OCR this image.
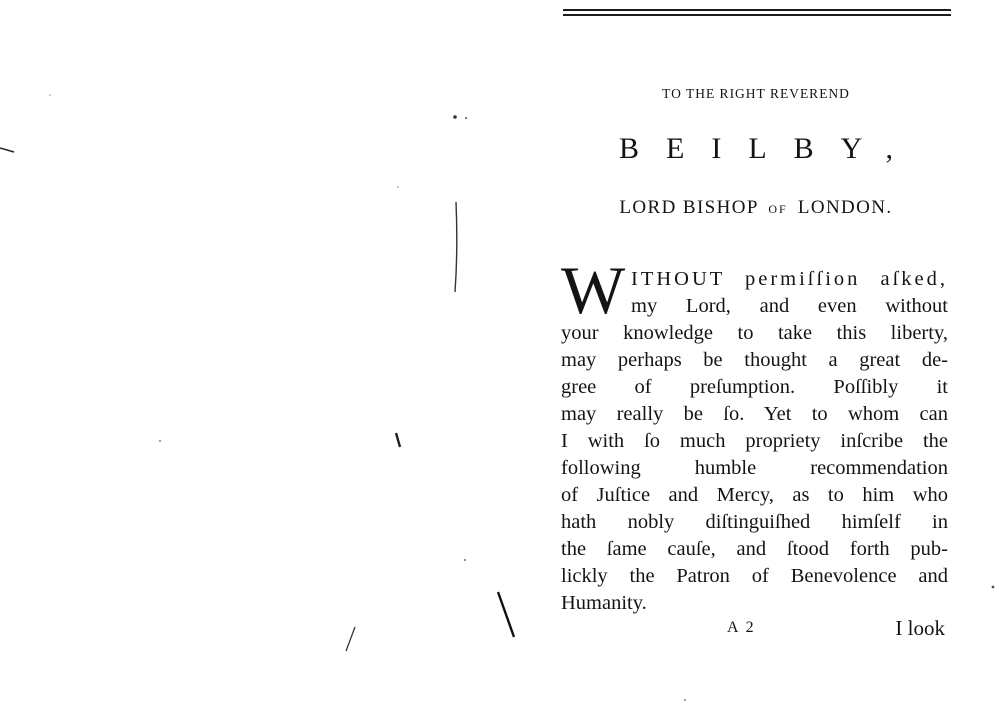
TO THE RIGHT REVEREND
BEILBY,
LORD BISHOP OF LONDON.
W ITHOUT permiſſion aſked,
my Lord, and even without
your knowledge to take this liberty,
may perhaps be thought a great de-
gree of preſumption. Poſſibly it
may really be ſo. Yet to whom can
I with ſo much propriety inſcribe the
following humble recommendation
of Juſtice and Mercy, as to him who
hath nobly diſtinguiſhed himſelf in
the ſame cauſe, and ſtood forth pub-
lickly the Patron of Benevolence and
Humanity.
A 2	I look
